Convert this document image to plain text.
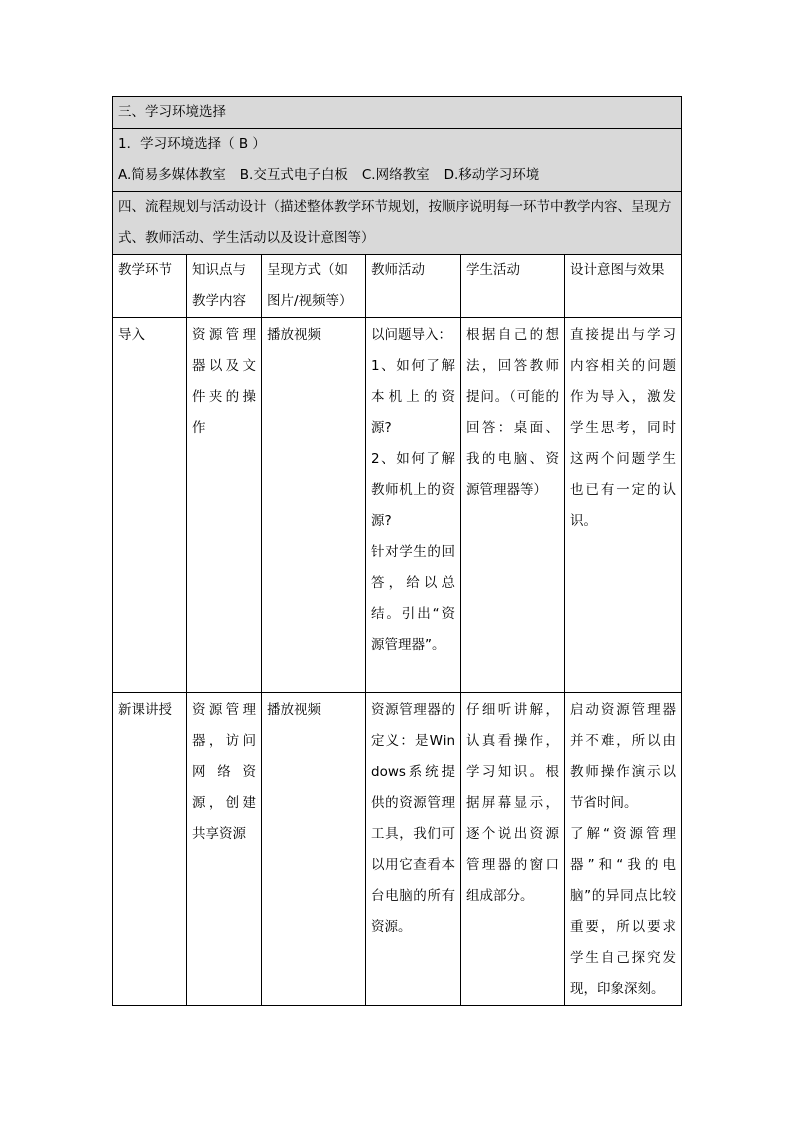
三、学习环境选择					

1．学习环境选择（ B ）
A.简易多媒体教室 B.交互式电子白板 C.网络教室 D.移动学习环境					

四、流程规划与活动设计（描述整体教学环节规划，按顺序说明每一环节中教学内容、呈现方式、教师活动、学生活动以及设计意图等）					
教学环节	知识点与教学内容	呈现方式（如图片/视频等）	教师活动	学生活动	设计意图与效果
导入	资源管理器以及文件夹的操作	播放视频	以问题导入：
1、如何了解本机上的资源?
2、如何了解教师机上的资源?
针对学生的回答，给以总结。引出“资源管理器”。	根据自己的想法，回答教师提问。（可能的回答：桌面、我的电脑、资源管理器等）	直接提出与学习内容相关的问题作为导入，激发学生思考，同时这两个问题学生也已有一定的认识。
新课讲授	资源管理器，访问网络资源，创建共享资源	播放视频	资源管理器的定义：是Windows系统提供的资源管理工具，我们可以用它查看本台电脑的所有资源。	仔细听讲解，认真看操作，学习知识。根据屏幕显示，逐个说出资源管理器的窗口组成部分。	启动资源管理器并不难，所以由教师操作演示以节省时间。
了解“资源管理器”和“我的电脑”的异同点比较重要，所以要求学生自己探究发现，印象深刻。
